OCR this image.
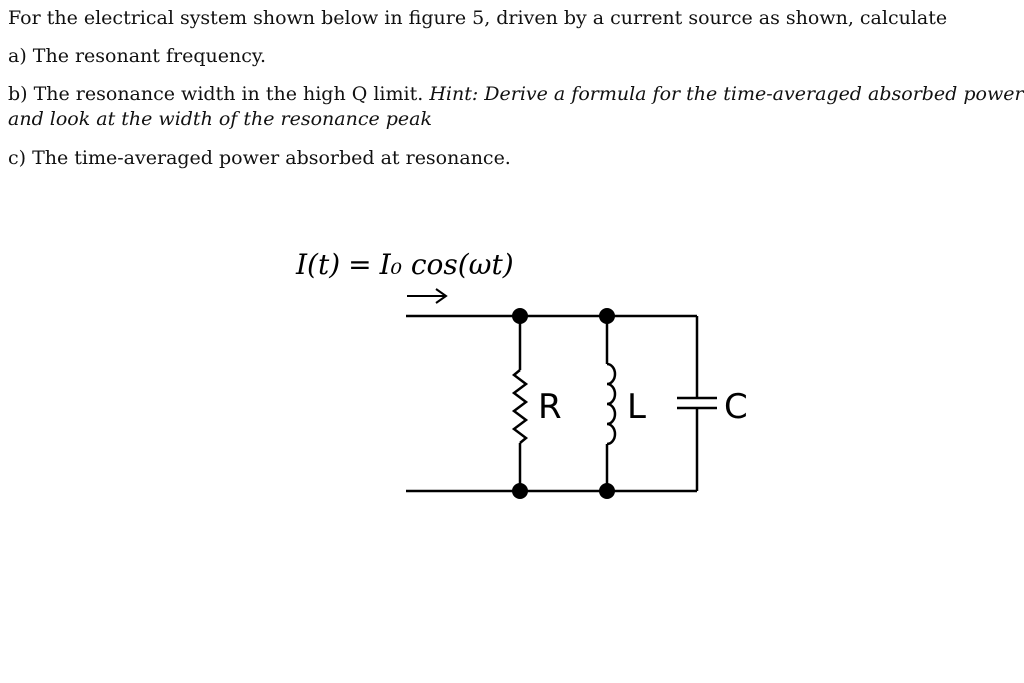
For the electrical system shown below in figure 5, driven by a current source as shown, calculate
a) The resonant frequency.
b) The resonance width in the high Q limit. Hint: Derive a formula for the time-averaged absorbed power
and look at the width of the resonance peak
c) The time-averaged power absorbed at resonance.
I(t) = I₀ cos(ωt)
R L C
